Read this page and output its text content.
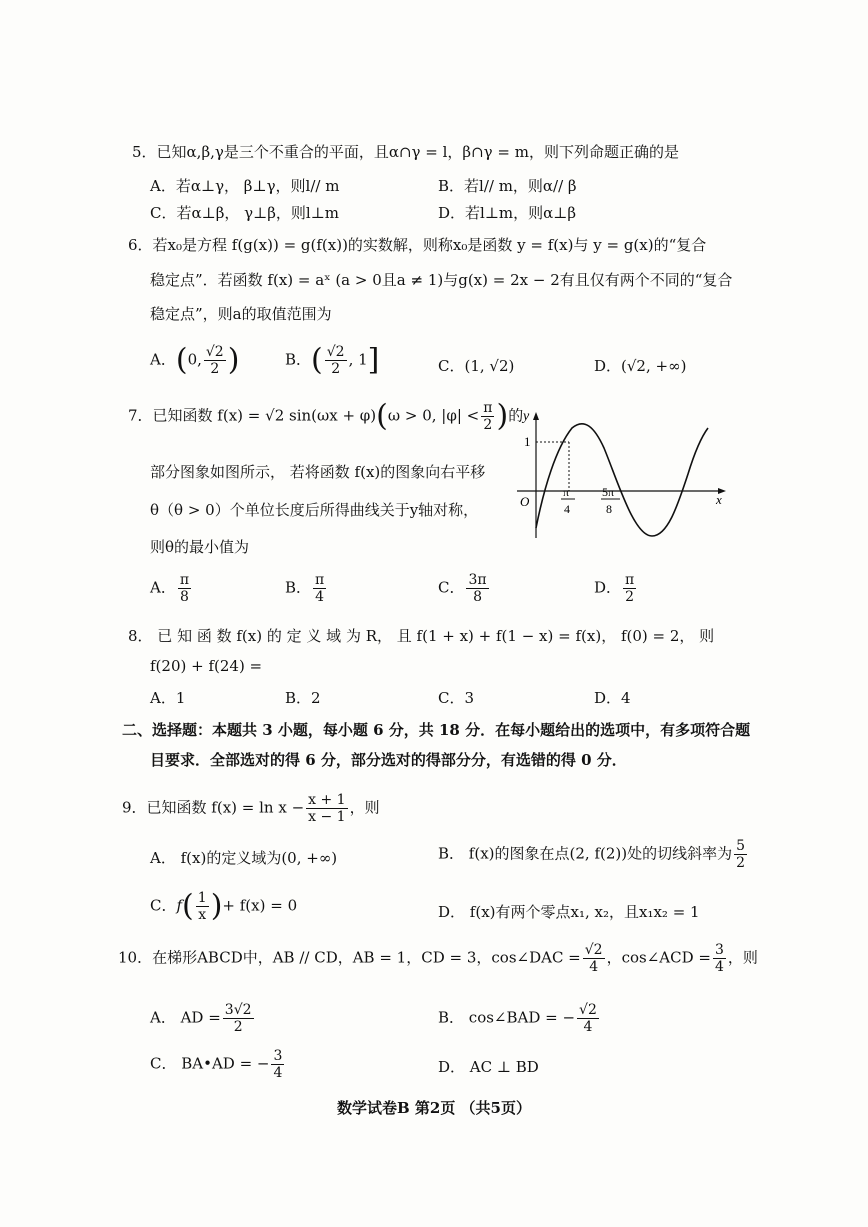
5．已知α,β,γ是三个不重合的平面，且α∩γ = l，β∩γ = m，则下列命题正确的是
A．若α⊥γ， β⊥γ，则l// m	B．若l// m，则α// β
C．若α⊥β， γ⊥β，则l⊥m	D．若l⊥m，则α⊥β
6．若x₀是方程 f(g(x)) = g(f(x))的实数解，则称x₀是函数 y = f(x)与 y = g(x)的“复合
稳定点”．若函数 f(x) = aˣ (a > 0且a ≠ 1)与g(x) = 2x − 2有且仅有两个不同的“复合
稳定点”，则a的取值范围为
A．(0, $\frac{√2}{2}$ )	B．( $\frac{√2}{2}$ , 1]	C．(1, √2)	D．(√2, +∞)
7．已知函数 f(x) = √2 sin(ωx + φ)(ω > 0, $|\varphi| < \frac{\pi}{2}$ )的
部分图象如图所示， 若将函数 f(x)的图象向右平移
θ（θ > 0）个单位长度后所得曲线关于y轴对称，
则θ的最小值为
y
x
O
1
π
4
5π
8
A． $\frac{\pi}{8}$	B． $\frac{\pi}{4}$	C． $\frac{3\pi}{8}$	D． $\frac{\pi}{2}$
8． 已 知 函 数 f(x) 的 定 义 域 为 R， 且 f(1 + x) + f(1 − x) = f(x)， f(0) = 2， 则
f(20) + f(24) =
A．1	B．2	C．3	D．4
二、选择题：本题共 3 小题，每小题 6 分，共 18 分．在每小题给出的选项中，有多项符合题
目要求．全部选对的得 6 分，部分选对的得部分分，有选错的得 0 分．
9．已知函数 $f(x) = \ln x - \frac{x + 1}{x - 1}$ ，则
A． f(x)的定义域为(0, +∞)	B． f(x)的图象在点(2, f(2))处的切线斜率为 $\frac{5}{2}$
C．$f( \frac{1}{x}$ )+ f(x) = 0	D． f(x)有两个零点x₁, x₂，且x₁x₂ = 1
10．在梯形ABCD中，AB // CD，AB = 1，CD = 3，cos∠DAC = $\frac{√2}{4}$ ，cos∠ACD = $\frac{3}{4}$ ，则
A． AD = $\frac{3√2}{2}$	B． cos∠BAD = − $\frac{√2}{4}$
C． BA•AD = − $\frac{3}{4}$	D． AC ⊥ BD
数学试卷B 第2页 （共5页）
